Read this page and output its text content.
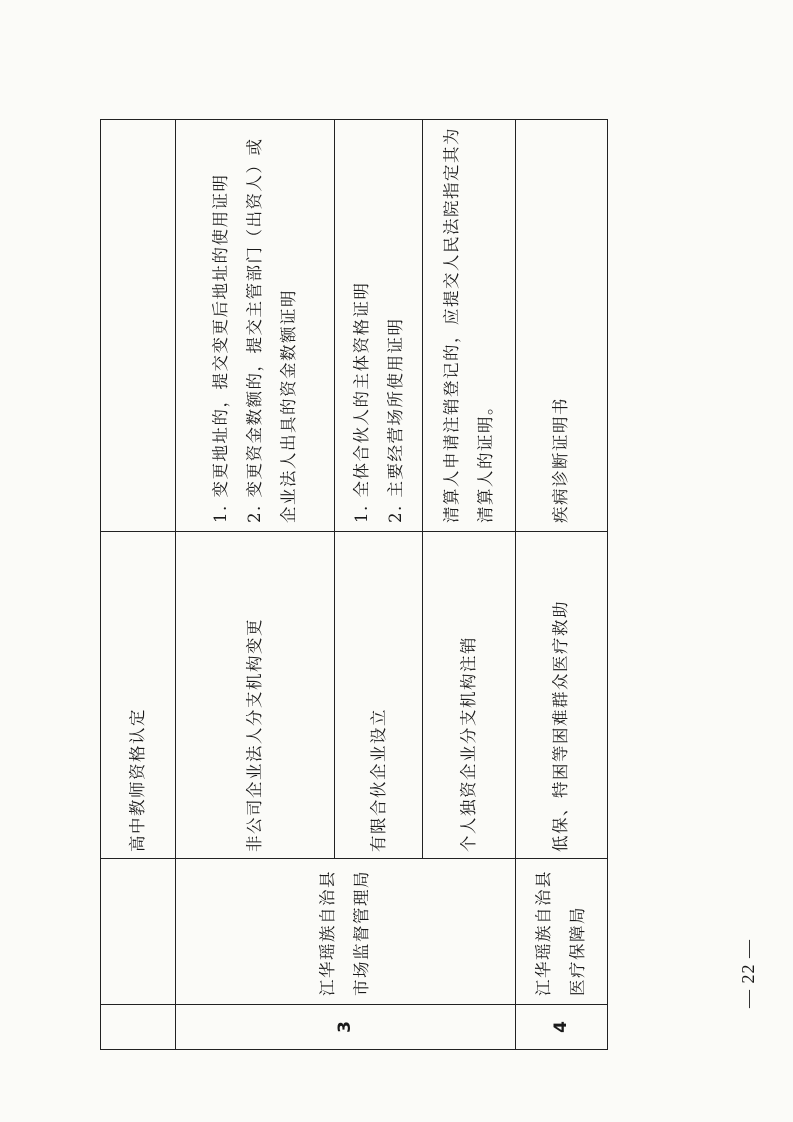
		高中教师资格认定	
3	江华瑶族自治县市场监督管理局	非公司企业法人分支机构变更	1. 变更地址的，提交变更后地址的使用证明 2. 变更资金数额的，提交主管部门（出资人）或企业法人出具的资金数额证明

		有限合伙企业设立	1. 全体合伙人的主体资格证明 2. 主要经营场所使用证明

		个人独资企业分支机构注销	清算人申请注销登记的，应提交人民法院指定其为清算人的证明。

4	江华瑶族自治县医疗保障局	低保、特困等困难群众医疗救助	疾病诊断证明书
— 22 —
